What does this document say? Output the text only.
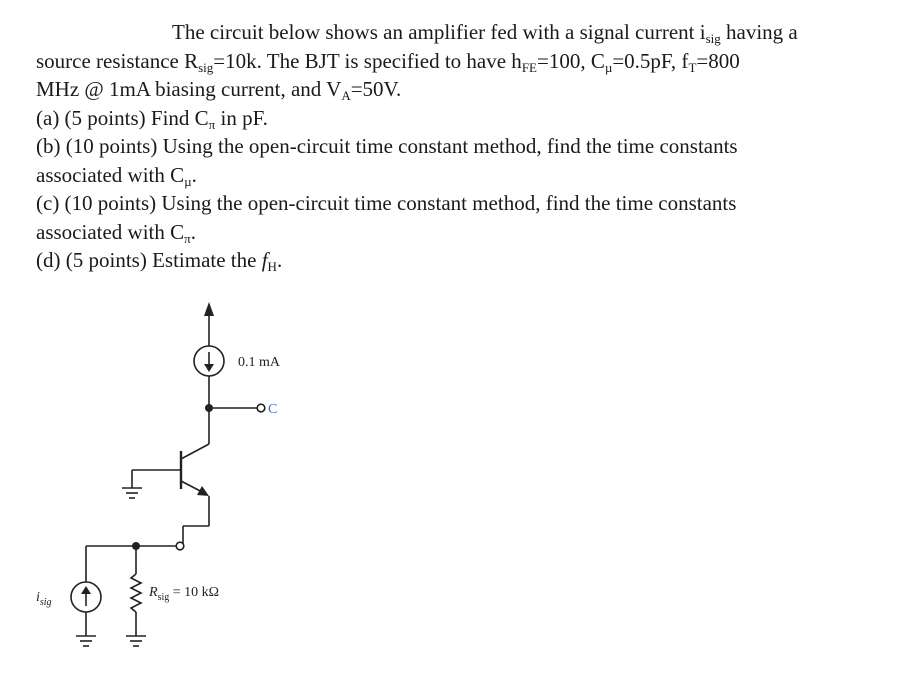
The circuit below shows an amplifier fed with a signal current $i_{sig}$ having a
source resistance $R_{sig}=10k$. The BJT is specified to have $h_{FE}=100$, $C_\mu=0.5pF$, $f_T=800$
MHz @ 1mA biasing current, and $V_A=50V$.
(a) (5 points) Find $C_\pi$ in pF.
(b) (10 points) Using the open-circuit time constant method, find the time constants
associated with $C_\mu$.
(c) (10 points) Using the open-circuit time constant method, find the time constants
associated with $C_\pi$.
(d) (5 points) Estimate the $f_H$.
0.1 mA
C
$i_{sig}$
$R_{sig} = 10$ kΩ
